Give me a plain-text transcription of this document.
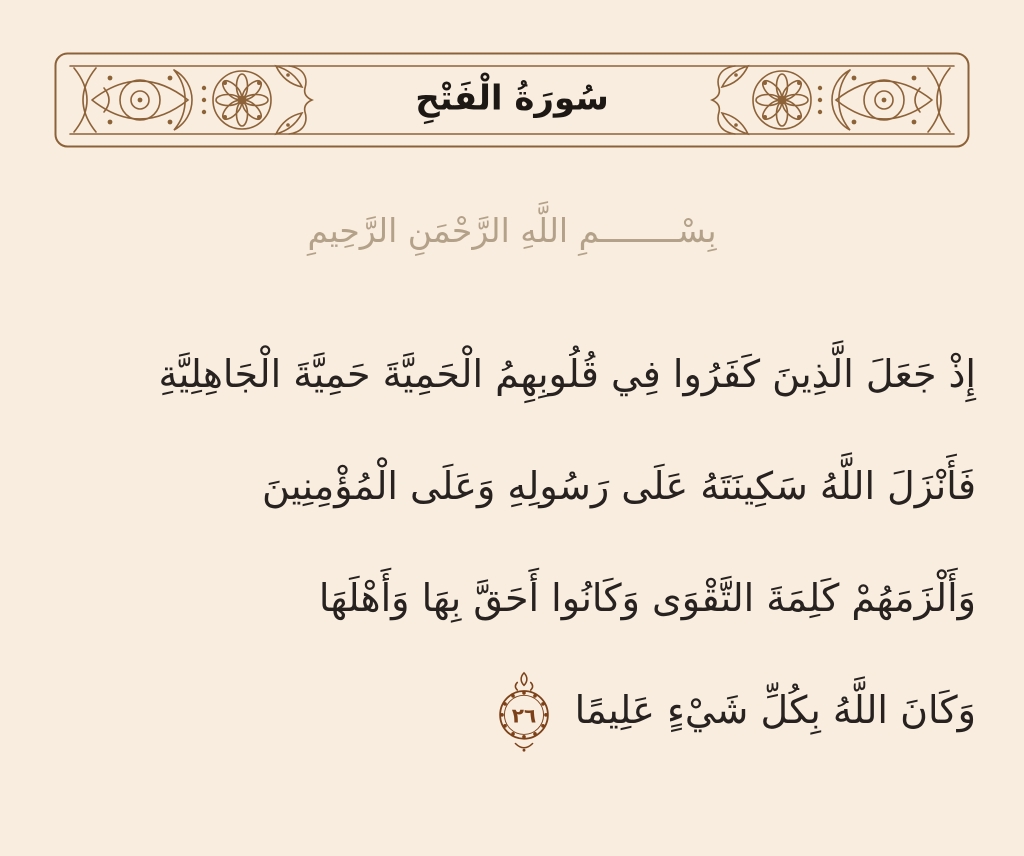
سُورَةُ الْفَتْحِ
بِسْــــــــمِ اللَّهِ الرَّحْمَنِ الرَّحِيمِ
إِذْ جَعَلَ الَّذِينَ كَفَرُوا فِي قُلُوبِهِمُ الْحَمِيَّةَ حَمِيَّةَ الْجَاهِلِيَّةِ
فَأَنْزَلَ اللَّهُ سَكِينَتَهُ عَلَى رَسُولِهِ وَعَلَى الْمُؤْمِنِينَ
وَأَلْزَمَهُمْ كَلِمَةَ التَّقْوَى وَكَانُوا أَحَقَّ بِهَا وَأَهْلَهَا
وَكَانَ اللَّهُ بِكُلِّ شَيْءٍ عَلِيمًا
٢٦
